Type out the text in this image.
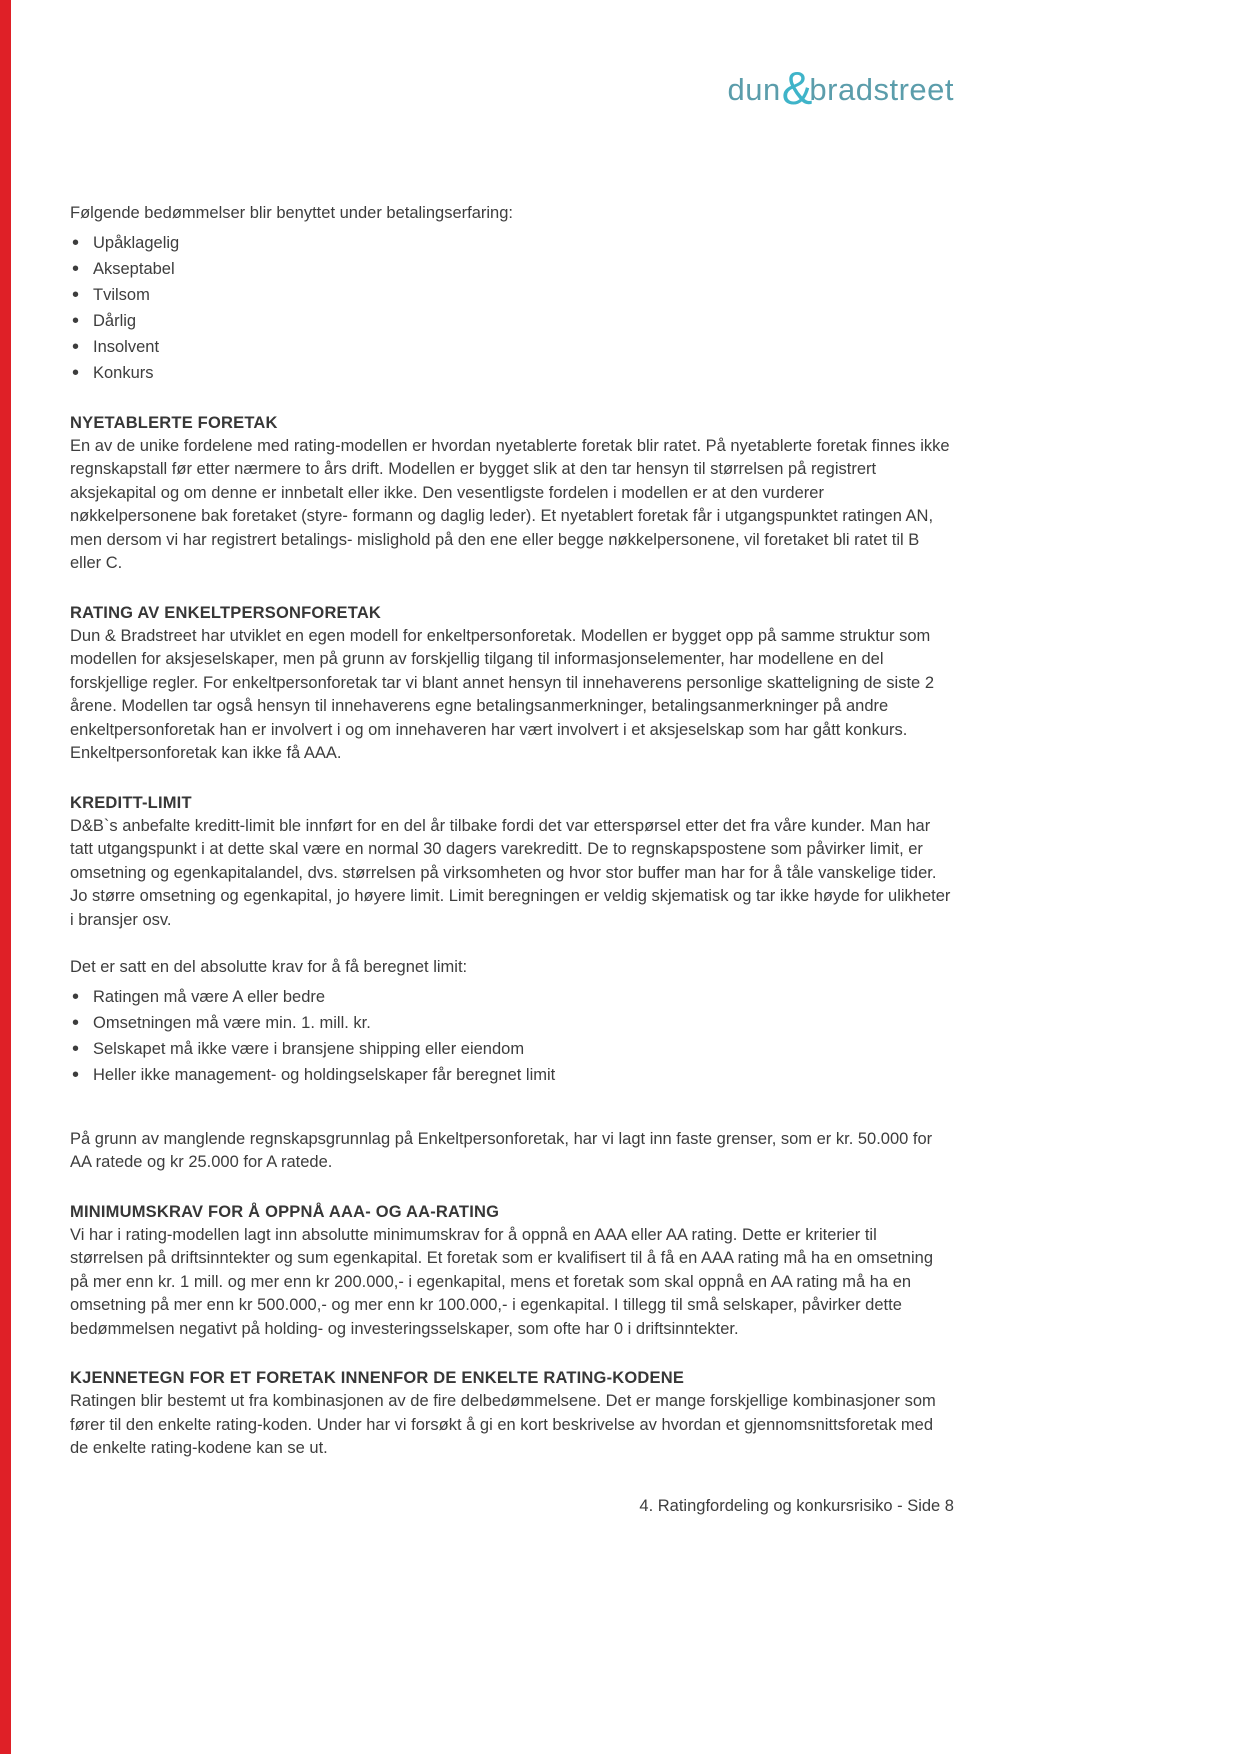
dun&bradstreet

Følgende bedømmelser blir benyttet under betalingserfaring:

• Upåklagelig
• Akseptabel
• Tvilsom
• Dårlig
• Insolvent
• Konkurs
NYETABLERTE FORETAK

En av de unike fordelene med rating-modellen er hvordan nyetablerte foretak blir ratet. På nyetablerte foretak finnes ikke regnskapstall før etter nærmere to års drift. Modellen er bygget slik at den tar hensyn til størrelsen på registrert aksjekapital og om denne er innbetalt eller ikke. Den vesentligste fordelen i modellen er at den vurderer nøkkelpersonene bak foretaket (styre- formann og daglig leder). Et nyetablert foretak får i utgangspunktet ratingen AN, men dersom vi har registrert betalings- mislighold på den ene eller begge nøkkelpersonene, vil foretaket bli ratet til B eller C.

RATING AV ENKELTPERSONFORETAK

Dun & Bradstreet har utviklet en egen modell for enkeltpersonforetak. Modellen er bygget opp på samme struktur som modellen for aksjeselskaper, men på grunn av forskjellig tilgang til informasjonselementer, har modellene en del forskjellige regler. For enkeltpersonforetak tar vi blant annet hensyn til innehaverens personlige skatteligning de siste 2 årene. Modellen tar også hensyn til innehaverens egne betalingsanmerkninger, betalingsanmerkninger på andre enkeltpersonforetak han er involvert i og om innehaveren har vært involvert i et aksjeselskap som har gått konkurs. Enkeltpersonforetak kan ikke få AAA.

KREDITT-LIMIT

D&B`s anbefalte kreditt-limit ble innført for en del år tilbake fordi det var etterspørsel etter det fra våre kunder. Man har tatt utgangspunkt i at dette skal være en normal 30 dagers varekreditt. De to regnskapspostene som påvirker limit, er omsetning og egenkapitalandel, dvs. størrelsen på virksomheten og hvor stor buffer man har for å tåle vanskelige tider. Jo større omsetning og egenkapital, jo høyere limit. Limit beregningen er veldig skjematisk og tar ikke høyde for ulikheter i bransjer osv.

Det er satt en del absolutte krav for å få beregnet limit:

• Ratingen må være A eller bedre
• Omsetningen må være min. 1. mill. kr.
• Selskapet må ikke være i bransjene shipping eller eiendom
• Heller ikke management- og holdingselskaper får beregnet limit

På grunn av manglende regnskapsgrunnlag på Enkeltpersonforetak, har vi lagt inn faste grenser, som er kr. 50.000 for AA ratede og kr 25.000 for A ratede.

MINIMUMSKRAV FOR Å OPPNÅ AAA- OG AA-RATING

Vi har i rating-modellen lagt inn absolutte minimumskrav for å oppnå en AAA eller AA rating. Dette er kriterier til størrelsen på driftsinntekter og sum egenkapital. Et foretak som er kvalifisert til å få en AAA rating må ha en omsetning på mer enn kr. 1 mill. og mer enn kr 200.000,- i egenkapital, mens et foretak som skal oppnå en AA rating må ha en omsetning på mer enn kr 500.000,- og mer enn kr 100.000,- i egenkapital. I tillegg til små selskaper, påvirker dette bedømmelsen negativt på holding- og investeringsselskaper, som ofte har 0 i driftsinntekter.

KJENNETEGN FOR ET FORETAK INNENFOR DE ENKELTE RATING-KODENE

Ratingen blir bestemt ut fra kombinasjonen av de fire delbedømmelsene. Det er mange forskjellige kombinasjoner som fører til den enkelte rating-koden. Under har vi forsøkt å gi en kort beskrivelse av hvordan et gjennomsnittsforetak med de enkelte rating-kodene kan se ut.

4. Ratingfordeling og konkursrisiko - Side 8
